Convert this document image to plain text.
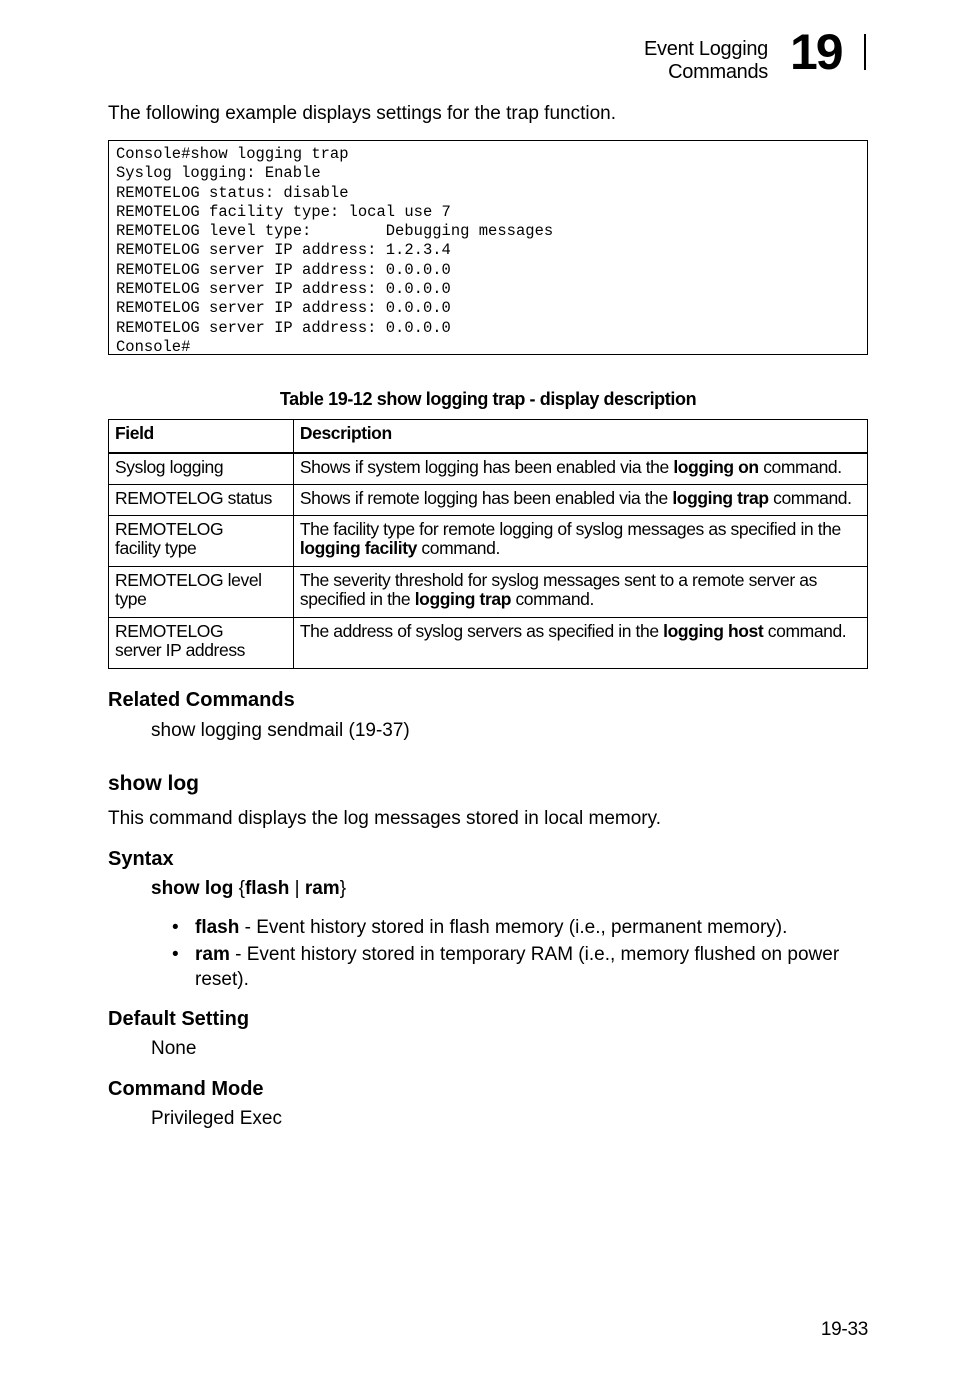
Event Logging Commands 19
The following example displays settings for the trap function.
Console#show logging trap
Syslog logging: Enable
REMOTELOG status: disable
REMOTELOG facility type: local use 7
REMOTELOG level type:        Debugging messages
REMOTELOG server IP address: 1.2.3.4
REMOTELOG server IP address: 0.0.0.0
REMOTELOG server IP address: 0.0.0.0
REMOTELOG server IP address: 0.0.0.0
REMOTELOG server IP address: 0.0.0.0
Console#
Table 19-12 show logging trap - display description
Field	Description
Syslog logging	Shows if system logging has been enabled via the logging on command.
REMOTELOG status	Shows if remote logging has been enabled via the logging trap command.
REMOTELOG
facility type	The facility type for remote logging of syslog messages as specified in the logging facility command.
REMOTELOG level type	The severity threshold for syslog messages sent to a remote server as specified in the logging trap command.
REMOTELOG
server IP address	The address of syslog servers as specified in the logging host command.
Related Commands
show logging sendmail (19-37)
show log
This command displays the log messages stored in local memory.
Syntax
show log {flash | ram}
• flash - Event history stored in flash memory (i.e., permanent memory).
• ram - Event history stored in temporary RAM (i.e., memory flushed on power reset).
Default Setting
None
Command Mode
Privileged Exec
19-33
